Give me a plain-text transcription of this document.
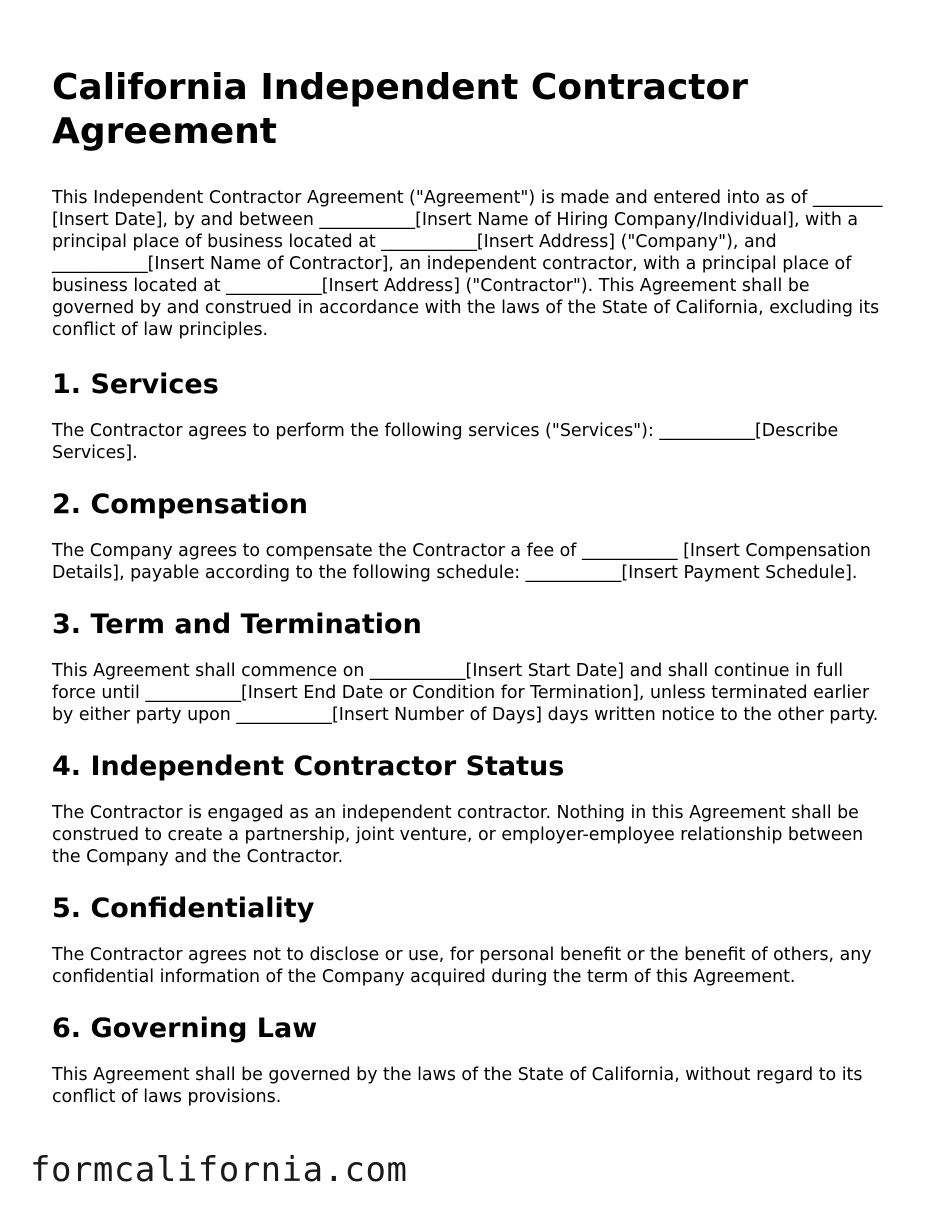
California Independent Contractor Agreement

This Independent Contractor Agreement ("Agreement") is made and entered into as of ________ [Insert Date], by and between ___________[Insert Name of Hiring Company/Individual], with a principal place of business located at ___________[Insert Address] ("Company"), and ___________[Insert Name of Contractor], an independent contractor, with a principal place of business located at ___________[Insert Address] ("Contractor"). This Agreement shall be governed by and construed in accordance with the laws of the State of California, excluding its conflict of law principles.

1. Services

The Contractor agrees to perform the following services ("Services"): ___________[Describe Services].

2. Compensation

The Company agrees to compensate the Contractor a fee of ___________ [Insert Compensation Details], payable according to the following schedule: ___________[Insert Payment Schedule].

3. Term and Termination

This Agreement shall commence on ___________[Insert Start Date] and shall continue in full force until ___________[Insert End Date or Condition for Termination], unless terminated earlier by either party upon ___________[Insert Number of Days] days written notice to the other party.

4. Independent Contractor Status

The Contractor is engaged as an independent contractor. Nothing in this Agreement shall be construed to create a partnership, joint venture, or employer-employee relationship between the Company and the Contractor.

5. Confidentiality

The Contractor agrees not to disclose or use, for personal benefit or the benefit of others, any confidential information of the Company acquired during the term of this Agreement.

6. Governing Law

This Agreement shall be governed by the laws of the State of California, without regard to its conflict of laws provisions.

formcalifornia.com
